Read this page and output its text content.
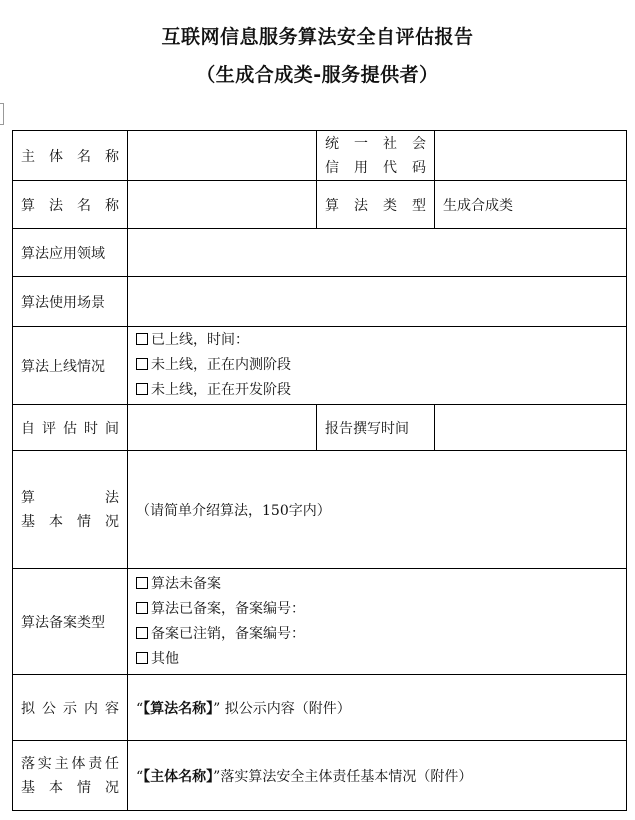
互联网信息服务算法安全自评估报告
（生成合成类-服务提供者）
主体名称		统一社会
信用代码	

算法名称		算法类型	生成合成类
算法应用领域			
算法使用场景			
算法上线情况	已上线，时间：
未上线，正在内测阶段
未上线，正在开发阶段		

自评估时间		报告撰写时间	

算法
基本情况	（请简单介绍算法，150字内）		
算法备案类型	算法未备案
算法已备案，备案编号：
备案已注销，备案编号：
其他		

拟公示内容	“【算法名称】” 拟公示内容（附件）		

落实主体责任
基本情况	“【主体名称】”落实算法安全主体责任基本情况（附件）		
